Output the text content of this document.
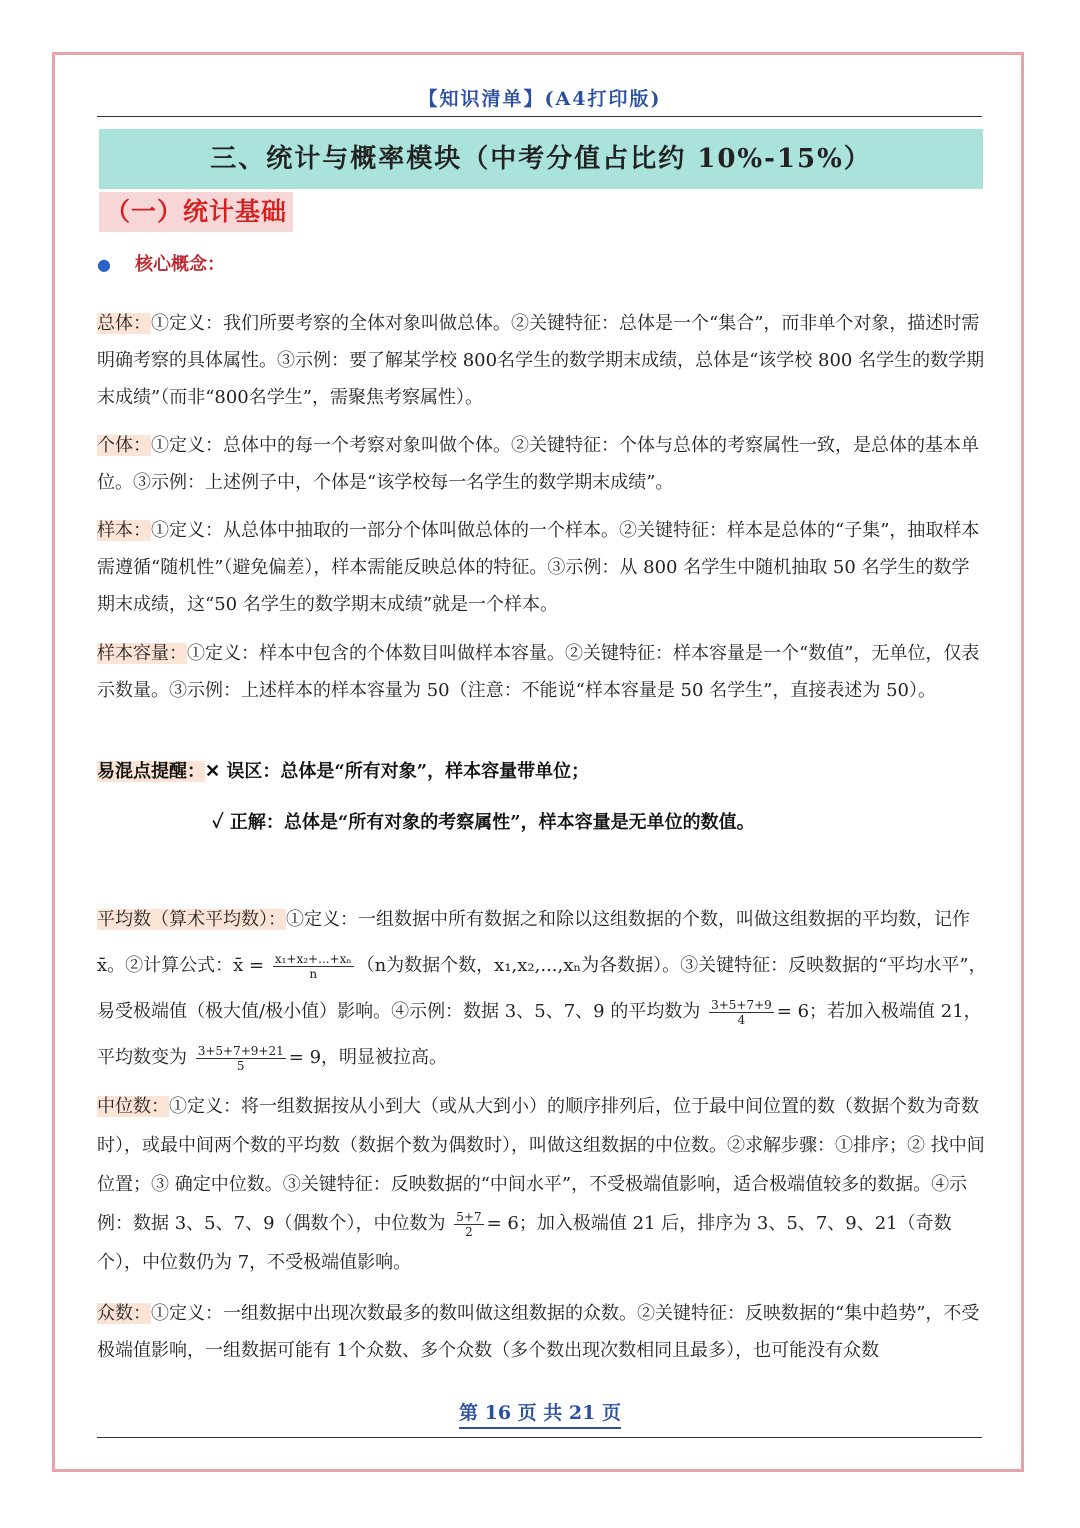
【知识清单】(A4打印版)
三、统计与概率模块（中考分值占比约 10%-15%）
（一）统计基础
● 核心概念：
总体：①定义：我们所要考察的全体对象叫做总体。②关键特征：总体是一个“集合”，而非单个对象，描述时需明确考察的具体属性。③示例：要了解某学校 800名学生的数学期末成绩，总体是“该学校 800 名学生的数学期末成绩”（而非“800名学生”，需聚焦考察属性）。
个体：①定义：总体中的每一个考察对象叫做个体。②关键特征：个体与总体的考察属性一致，是总体的基本单位。③示例：上述例子中，个体是“该学校每一名学生的数学期末成绩”。
样本：①定义：从总体中抽取的一部分个体叫做总体的一个样本。②关键特征：样本是总体的“子集”，抽取样本需遵循“随机性”（避免偏差），样本需能反映总体的特征。③示例：从 800 名学生中随机抽取 50 名学生的数学期末成绩，这“50 名学生的数学期末成绩”就是一个样本。
样本容量：①定义：样本中包含的个体数目叫做样本容量。②关键特征：样本容量是一个“数值”，无单位，仅表示数量。③示例：上述样本的样本容量为 50（注意：不能说“样本容量是 50 名学生”，直接表述为 50）。
易混点提醒：✕ 误区：总体是“所有对象”，样本容量带单位；
✓ 正解：总体是“所有对象的考察属性”，样本容量是无单位的数值。
平均数（算术平均数）：①定义：一组数据中所有数据之和除以这组数据的个数，叫做这组数据的平均数，记作x̄。②计算公式：x̄ = $\frac{\text{x₁+x₂+...+xₙ}}{n} (n$为数据个数，x₁,x₂,...,xₙ为各数据）。③关键特征：反映数据的“平均水平”，易受极端值（极大值/极小值）影响。④示例：数据 3、5、7、9 的平均数为 $\frac{3+5+7+9}{4} = 6$；若加入极端值 21，平均数变为 $\frac{3+5+7+9+21}{5} = 9$，明显被拉高。
中位数：①定义：将一组数据按从小到大（或从大到小）的顺序排列后，位于最中间位置的数（数据个数为奇数时），或最中间两个数的平均数（数据个数为偶数时），叫做这组数据的中位数。②求解步骤：①排序；② 找中间位置；③ 确定中位数。③关键特征：反映数据的“中间水平”，不受极端值影响，适合极端值较多的数据。④示例：数据 3、5、7、9（偶数个），中位数为 $\frac{5+7}{2} = 6$；加入极端值 21 后，排序为 3、5、7、9、21（奇数个），中位数仍为 7，不受极端值影响。
众数：①定义：一组数据中出现次数最多的数叫做这组数据的众数。②关键特征：反映数据的“集中趋势”，不受极端值影响，一组数据可能有 1个众数、多个众数（多个数出现次数相同且最多），也可能没有众数
第 16 页 共 21 页
